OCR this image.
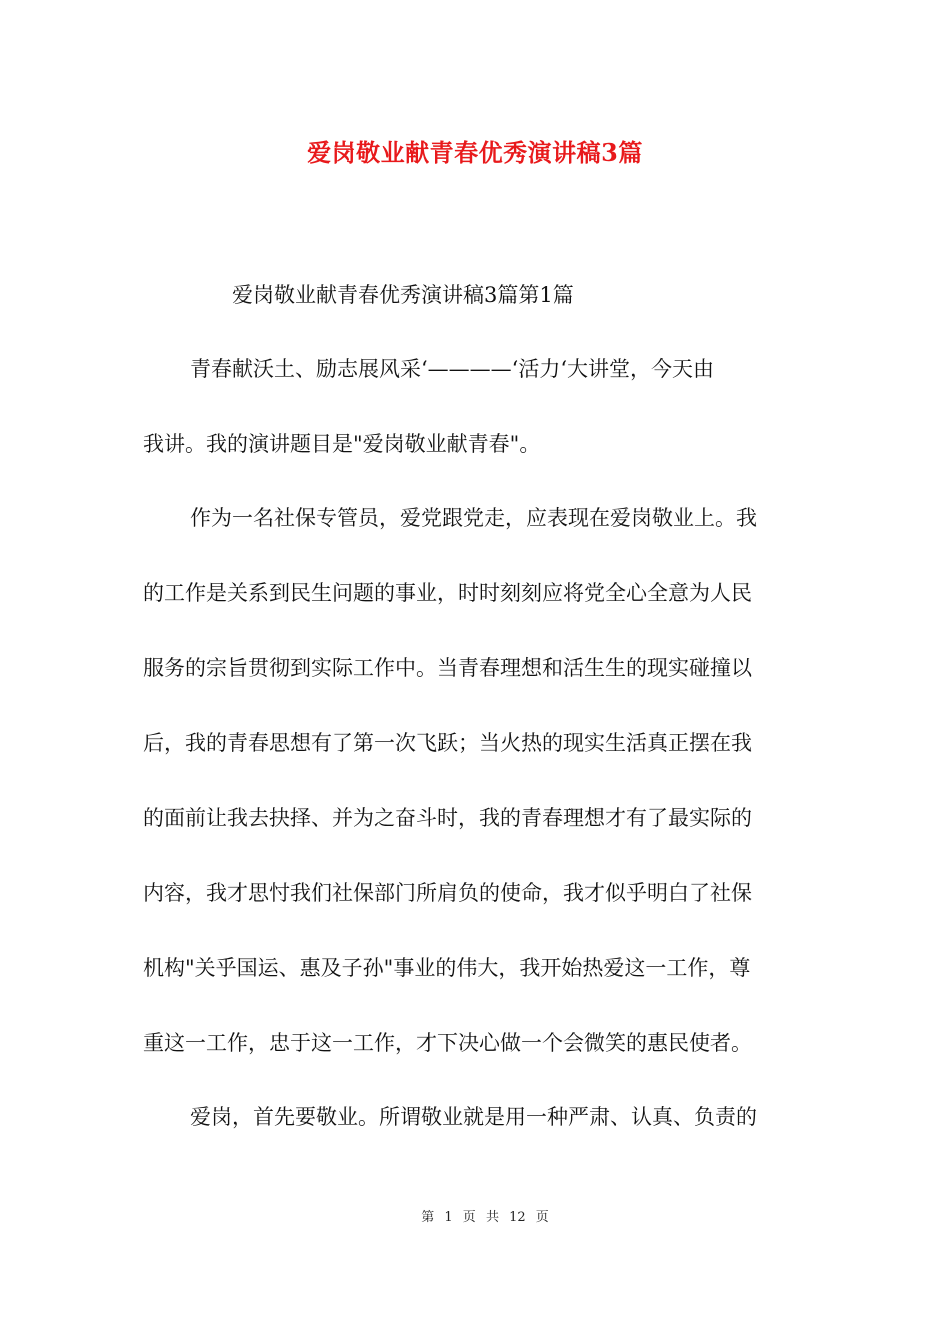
爱岗敬业献青春优秀演讲稿3篇

爱岗敬业献青春优秀演讲稿3篇第1篇

青春献沃土、励志展风采‘————‘活力‘大讲堂，今天由

我讲。我的演讲题目是"爱岗敬业献青春"。

作为一名社保专管员，爱党跟党走，应表现在爱岗敬业上。我

的工作是关系到民生问题的事业，时时刻刻应将党全心全意为人民

服务的宗旨贯彻到实际工作中。当青春理想和活生生的现实碰撞以

后，我的青春思想有了第一次飞跃；当火热的现实生活真正摆在我

的面前让我去抉择、并为之奋斗时，我的青春理想才有了最实际的

内容，我才思忖我们社保部门所肩负的使命，我才似乎明白了社保

机构"关乎国运、惠及子孙"事业的伟大，我开始热爱这一工作，尊

重这一工作，忠于这一工作，才下决心做一个会微笑的惠民使者。

爱岗，首先要敬业。所谓敬业就是用一种严肃、认真、负责的

第 1 页 共 12 页
